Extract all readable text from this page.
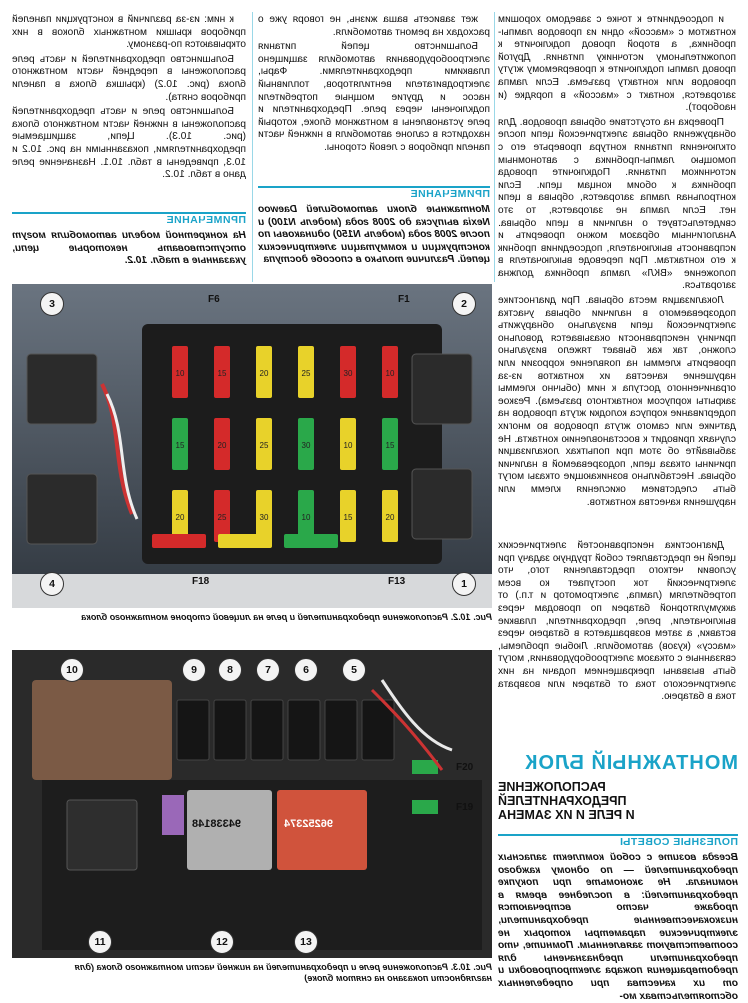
и подсоедините к точке с заведомо хорошим контактом с «массой» одни из проводов лампы-пробника, а второй провод подключите к положительному источнику питания. Другой провод лампы подключите к проверяемому жгуту проводов или контакту разъема. Если лампа загорается, контакт с «массой» в порядке (и наоборот).

Проверка на отсутствие обрыва проводов. Для обнаружения обрыва электрической цепи после отключения питания контура проверьте его с помощью лампы-пробника с автономным источником питания. Подключите провода пробника к обоим концам цепи. Если контрольная лампа загорается, обрыва в цепи нет. Если лампа не загорается, то это свидетельствует о наличии в цепи обрыва. Аналогичным образом можно проверить и исправность выключателя, подсоединив пробник к его контактам. При переводе выключателя в положение «ВКЛ» лампа пробника должна загораться.

Локализация места обрыва. При диагностике подозреваемого в наличии обрыва участка электрической цепи визуально обнаружить причину неисправности оказывается довольно сложно, так как бывает тяжело визуально проверить клеммы на появление коррозии или нарушение качества их контактов из-за ограниченного доступа к ним (обычно клеммы закрыты корпусом контактного разъема). Резкое подергивание корпуса колодки жгута проводов на датчике или самого жгута проводов во многих случаях приводит к восстановлению контакта. Не забывайте об этом при попытках локализации причины отказа цепи, подозреваемой в наличии обрыва. Нестабильно возникающие отказы могут быть следствием окисления клемм или нарушения качества контактов.

жет зависеть ваша жизнь, не говоря уже о расходах на ремонт автомобиля.

Большинство цепей питания электрооборудования автомобиля защищено плавкими предохранителями. Фары, электродвигатели вентиляторов, топливный насос и другие мощные потребители подключены через реле. Предохранители и реле установлены в монтажном блоке, который находится в салоне автомобиля в нижней части панели приборов с левой стороны.

ПРИМЕЧАНИЕ

Монтажные блоки автомобилей Daewoo Nexia выпуска до 2008 года (модель N100) и после 2008 года (модель N150) одинаковы по конструкции и коммутации электрических цепей. Различие только в способе доступа

к ним: из-за различий в конструкции панелей приборов крышки монтажных блоков в них открываются по-разному.

Большинство предохранителей и часть реле расположены в передней части монтажного блока (рис. 10.2) (крышка блока в панели приборов снята).

Большинство реле и часть предохранителей расположены в нижней части монтажного блока (рис. 10.3). Цепи, защищаемые предохранителями, показанными на рис. 10.2 и 10.3, приведены в табл. 10.1. Назначение реле дано в табл. 10.2.

ПРИМЕЧАНИЕ

На конкретной модели автомобиля могут отсутствовать некоторые цепи, указанные в табл. 10.2.

10	15	20	25	30	10
15	20	25	30	10	15
20	25	30	10	15	20
3	2
4	1
F6	F1
F18	F13
Рис. 10.2. Расположение предохранителей и реле на лицевой стороне монтажного блока

Диагностика неисправностей электрических цепей не представляет собой трудную задачу при условии четкого представления того, что электрический ток поступает ко всем потребителям (лампа, электромотор и т.п.) от аккумуляторной батареи по проводам через выключатели, реле, предохранители, плавкие вставки, а затем возвращается в батарею через «массу» (кузов) автомобиля. Любые проблемы, связанные с отказом электрооборудования, могут быть вызваны прекращением подачи на них электрического тока от батареи или возврата тока в батарею.

МОНТАЖНЫЙ БЛОК
РАСПОЛОЖЕНИЕ
ПРЕДОХРАНИТЕЛЕЙ
И РЕЛЕ И ИХ ЗАМЕНА
ПОЛЕЗНЫЕ СОВЕТЫ

Всегда возите с собой комплект запасных предохранителей — по одному каждого номинала. Не экономьте при покупке предохранителей: в последнее время в продаже часто встречаются низкокачественные предохранители, электрические параметры которых не соответствуют заявленным. Помните, что предохранители предназначены для предотвращения пожара электропроводки и от их качества при определенных обстоятельствах мо-

10	9	8	7	6	5
11	12	13
F20
F19
96252374
94338148
Рис. 10.3. Расположение реле и предохранителей на нижней части монтажного блока (для наглядности показано на снятом блоке)
